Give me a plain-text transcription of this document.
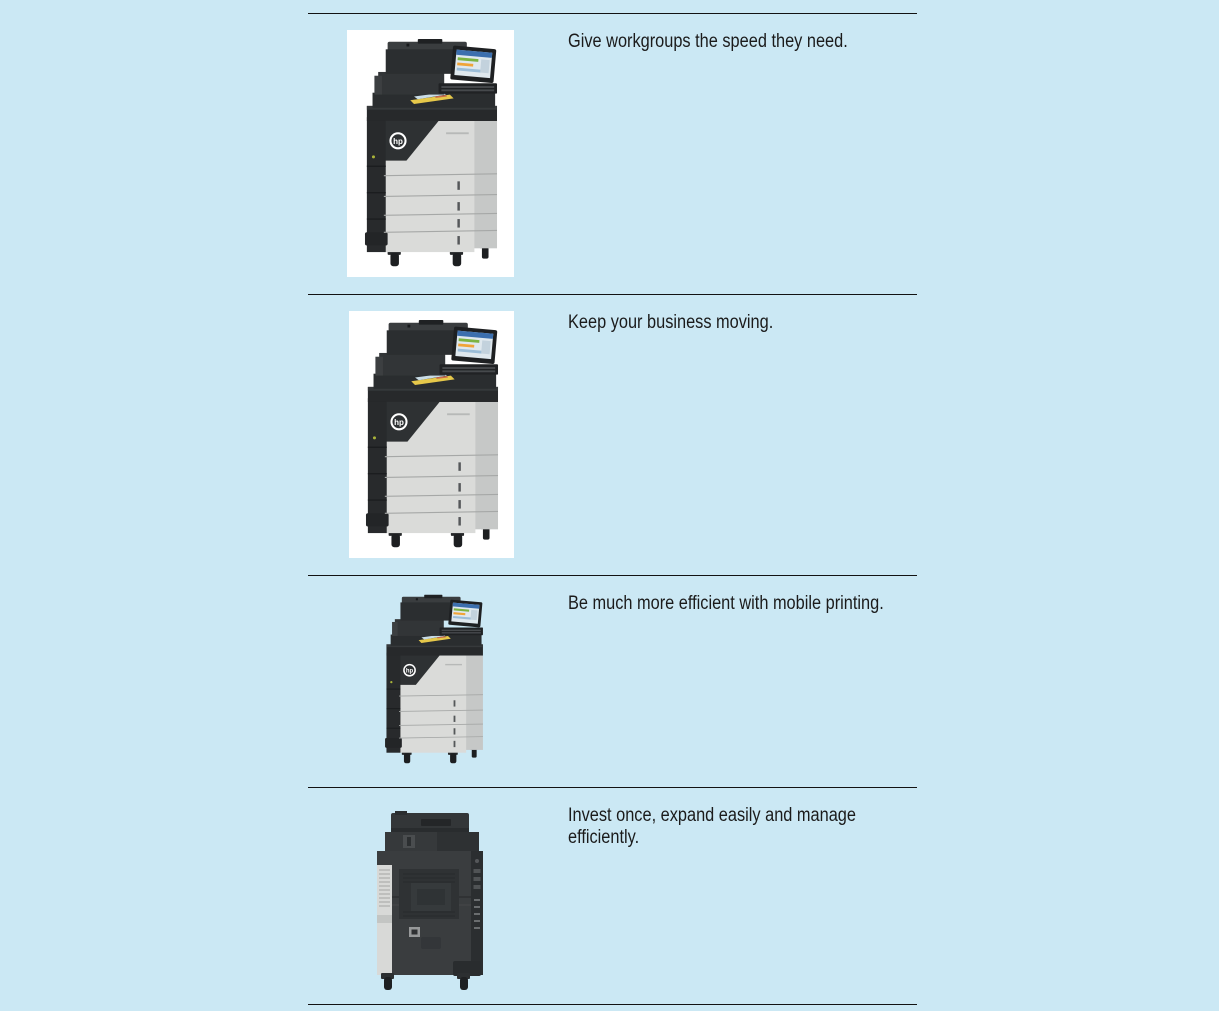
Give workgroups the speed they need.

Keep your business moving.

Be much more efficient with mobile printing.

Invest once, expand easily and manage efficiently.
